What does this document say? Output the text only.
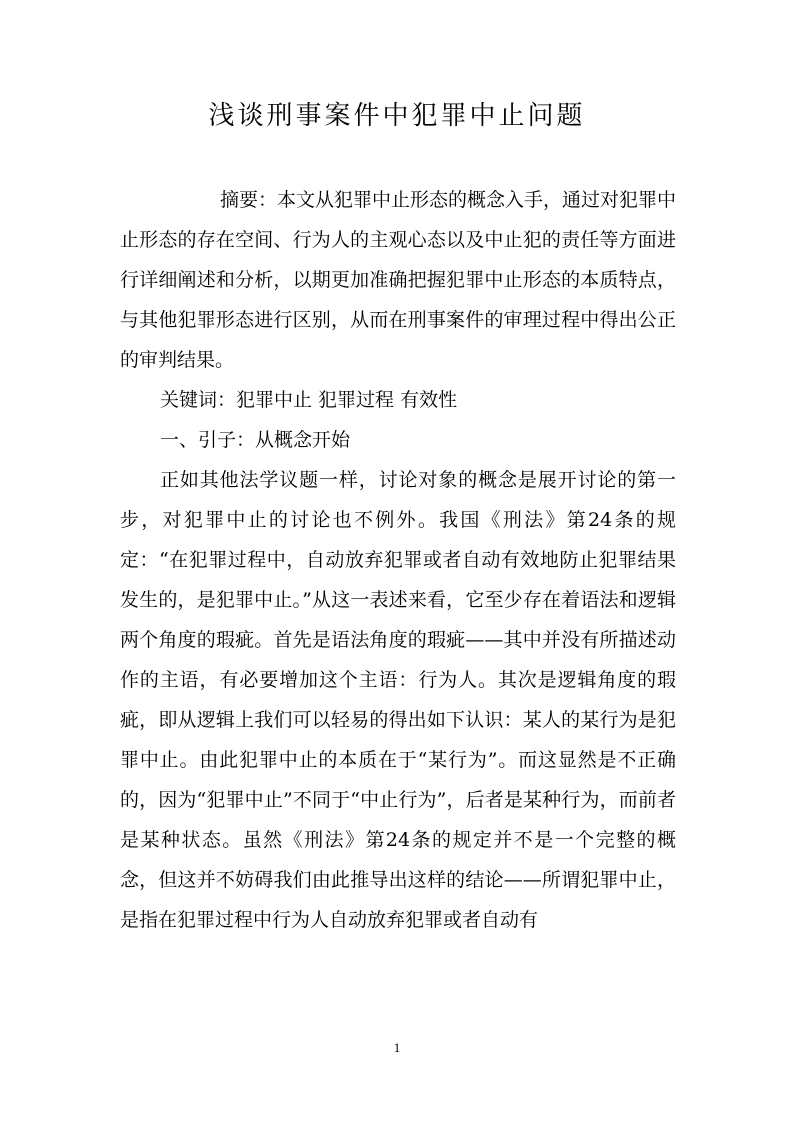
浅谈刑事案件中犯罪中止问题

摘要：本文从犯罪中止形态的概念入手，通过对犯罪中止形态的存在空间、行为人的主观心态以及中止犯的责任等方面进行详细阐述和分析，以期更加准确把握犯罪中止形态的本质特点，与其他犯罪形态进行区别，从而在刑事案件的审理过程中得出公正的审判结果。

关键词：犯罪中止 犯罪过程 有效性

一、引子：从概念开始

正如其他法学议题一样，讨论对象的概念是展开讨论的第一步，对犯罪中止的讨论也不例外。我国《刑法》第24条的规定：“在犯罪过程中，自动放弃犯罪或者自动有效地防止犯罪结果发生的，是犯罪中止。”从这一表述来看，它至少存在着语法和逻辑两个角度的瑕疵。首先是语法角度的瑕疵——其中并没有所描述动作的主语，有必要增加这个主语：行为人。其次是逻辑角度的瑕疵，即从逻辑上我们可以轻易的得出如下认识：某人的某行为是犯罪中止。由此犯罪中止的本质在于“某行为”。而这显然是不正确的，因为“犯罪中止”不同于“中止行为”，后者是某种行为，而前者是某种状态。虽然《刑法》第24条的规定并不是一个完整的概念，但这并不妨碍我们由此推导出这样的结论——所谓犯罪中止，是指在犯罪过程中行为人自动放弃犯罪或者自动有

1
